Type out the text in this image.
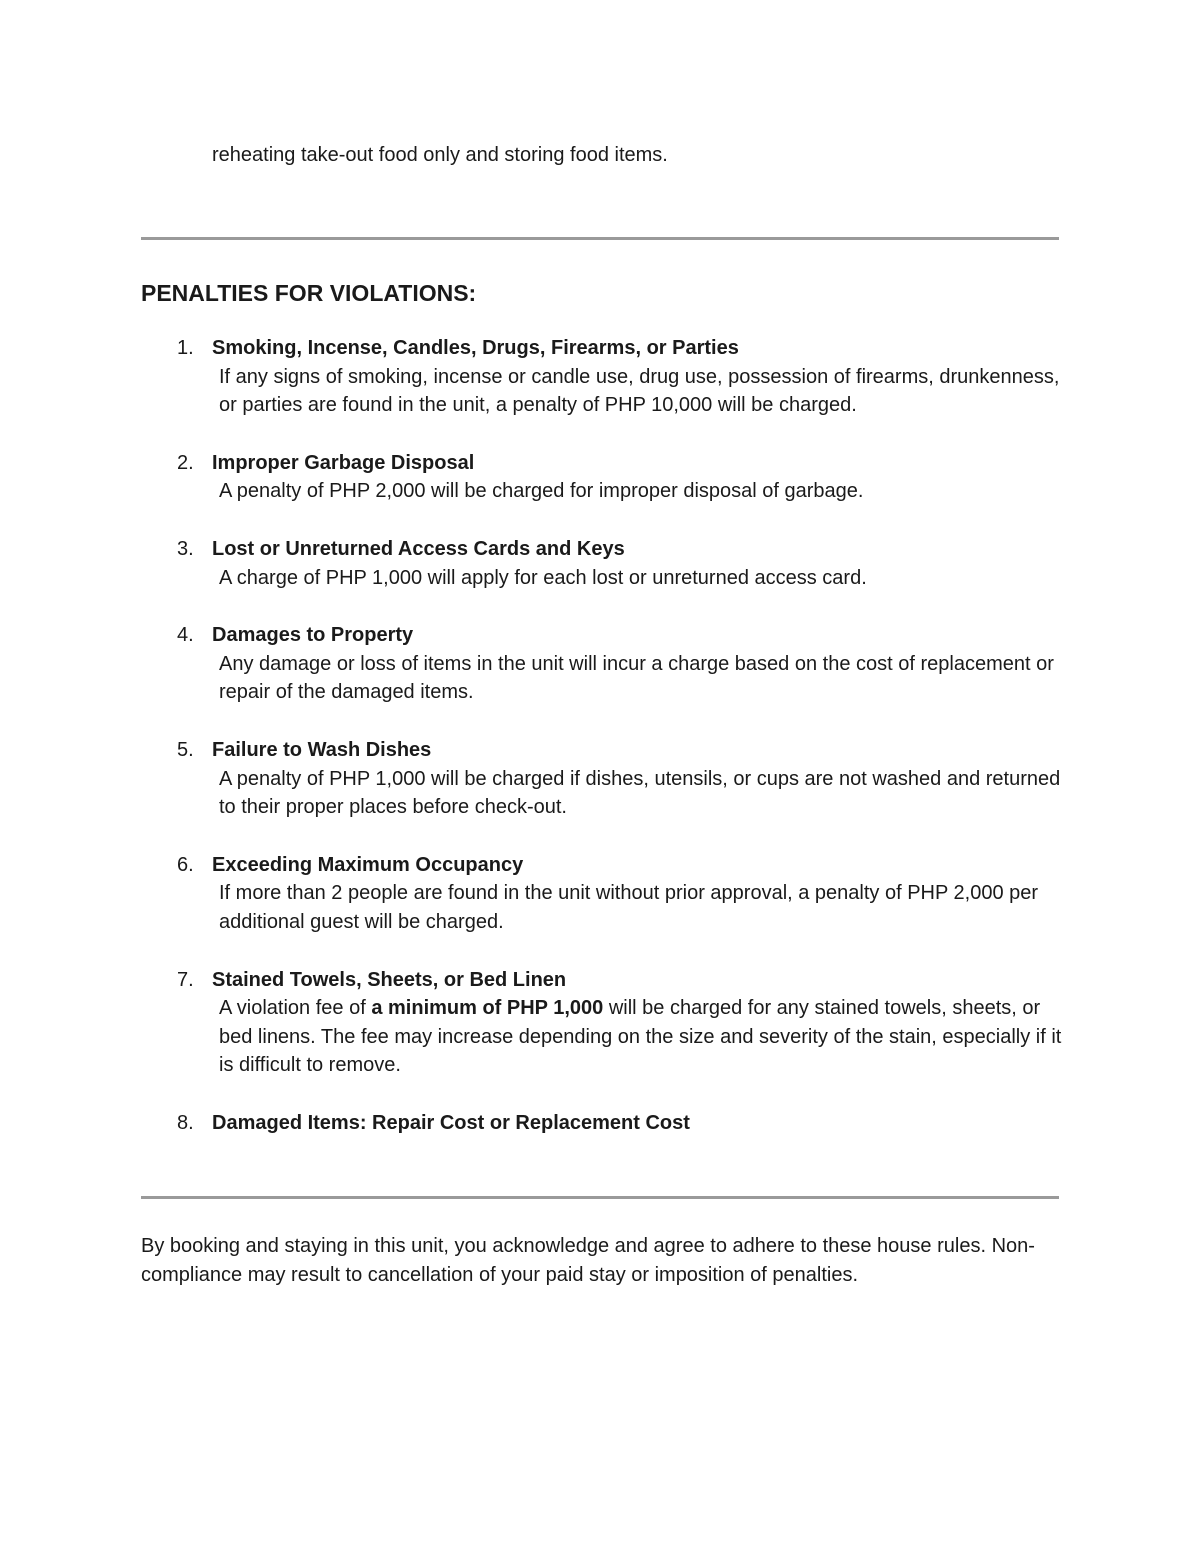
reheating take-out food only and storing food items.

PENALTIES FOR VIOLATIONS:
1. Smoking, Incense, Candles, Drugs, Firearms, or Parties
If any signs of smoking, incense or candle use, drug use, possession of firearms, drunkenness, or parties are found in the unit, a penalty of PHP 10,000 will be charged.
2. Improper Garbage Disposal
A penalty of PHP 2,000 will be charged for improper disposal of garbage.
3. Lost or Unreturned Access Cards and Keys
A charge of PHP 1,000 will apply for each lost or unreturned access card.
4. Damages to Property
Any damage or loss of items in the unit will incur a charge based on the cost of replacement or repair of the damaged items.
5. Failure to Wash Dishes
A penalty of PHP 1,000 will be charged if dishes, utensils, or cups are not washed and returned to their proper places before check-out.
6. Exceeding Maximum Occupancy
If more than 2 people are found in the unit without prior approval, a penalty of PHP 2,000 per additional guest will be charged.
7. Stained Towels, Sheets, or Bed Linen
A violation fee of a minimum of PHP 1,000 will be charged for any stained towels, sheets, or bed linens. The fee may increase depending on the size and severity of the stain, especially if it is difficult to remove.
8. Damaged Items: Repair Cost or Replacement Cost

By booking and staying in this unit, you acknowledge and agree to adhere to these house rules. Non-compliance may result to cancellation of your paid stay or imposition of penalties.
